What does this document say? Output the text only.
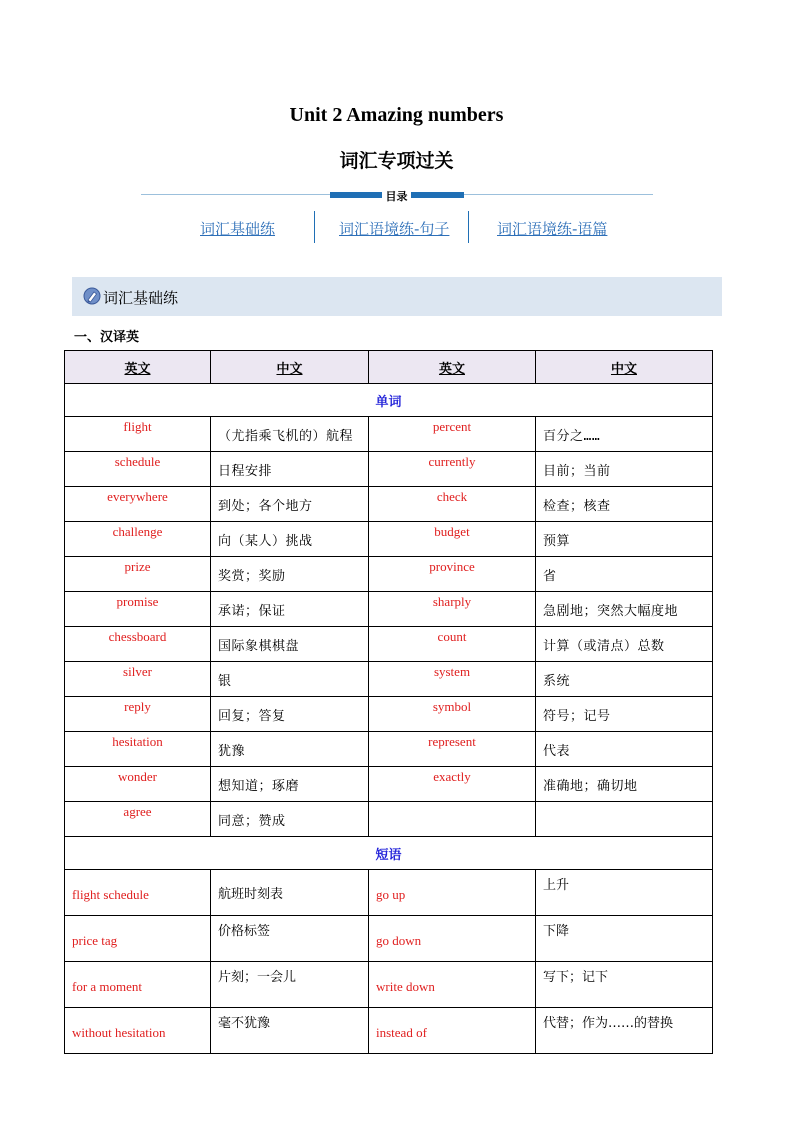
Unit 2 Amazing numbers
词汇专项过关
目录
词汇基础练	词汇语境练-句子	词汇语境练-语篇
词汇基础练
一、汉译英
英文	中文	英文	中文
单词			
flight	（尤指乘飞机的）航程	percent	百分之……
schedule	日程安排	currently	目前；当前
everywhere	到处；各个地方	check	检查；核查
challenge	向（某人）挑战	budget	预算
prize	奖赏；奖励	province	省
promise	承诺；保证	sharply	急剧地；突然大幅度地
chessboard	国际象棋棋盘	count	计算（或清点）总数
silver	银	system	系统
reply	回复；答复	symbol	符号；记号
hesitation	犹豫	represent	代表
wonder	想知道；琢磨	exactly	准确地；确切地
agree	同意；赞成		
短语			
flight schedule	航班时刻表	go up	上升
price tag	价格标签	go down	下降
for a moment	片刻；一会儿	write down	写下；记下
without hesitation	毫不犹豫	instead of	代替；作为……的替换
